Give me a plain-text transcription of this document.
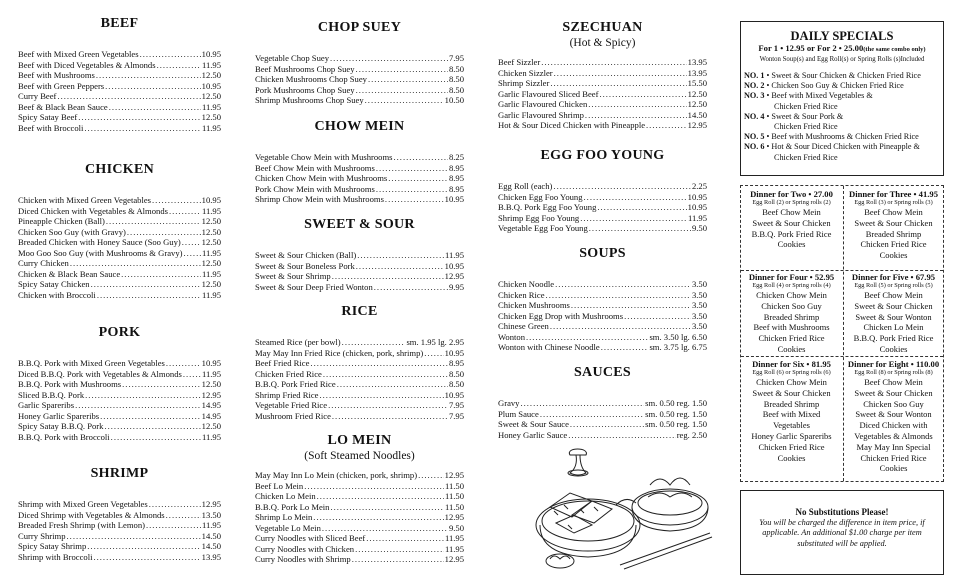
BEEF
Beef with Mixed Green Vegetables .....	10.95
Beef with Diced Vegetables & Almonds .....	11.95
Beef with Mushrooms .....	12.50
Beef with Green Peppers .....	10.95
Curry Beef .....	12.50
Beef & Black Bean Sauce .....	11.95
Spicy Satay Beef .....	12.50
Beef with Broccoli .....	11.95
CHICKEN
Chicken with Mixed Green Vegetables .....	10.95
Diced Chicken with Vegetables & Almonds .....	11.95
Pineapple Chicken (Ball) .....	12.50
Chicken Soo Guy (with Gravy) .....	12.50
Breaded Chicken with Honey Sauce (Soo Guy) ..... 12.50
Moo Goo Soo Guy (with Mushrooms & Gravy) ..... 11.95
Curry Chicken .....	12.50
Chicken & Black Bean Sauce .....	11.95
Spicy Satay Chicken .....	12.50
Chicken with Broccoli .....	11.95
PORK
B.B.Q. Pork with Mixed Green Vegetables .....	10.95
Diced B.B.Q. Pork with Vegetables & Almonds ..... 11.95
B.B.Q. Pork with Mushrooms .....	12.50
Sliced B.B.Q. Pork .....	12.95
Garlic Spareribs .....	14.95
Honey Garlic Spareribs .....	14.95
Spicy Satay B.B.Q. Pork .....	12.50
B.B.Q. Pork with Broccoli .....	11.95
SHRIMP
Shrimp with Mixed Green Vegetables .....	12.95
Diced Shrimp with Vegetables & Almonds .....	13.50
Breaded Fresh Shrimp (with Lemon) .....	11.95
Curry Shrimp .....	14.50
Spicy Satay Shrimp .....	14.50
Shrimp with Broccoli .....	13.95
CHOP SUEY
Vegetable Chop Suey .....	7.95
Beef Mushrooms Chop Suey .....	8.50
Chicken Mushrooms Chop Suey .....	8.50
Pork Mushrooms Chop Suey .....	8.50
Shrimp Mushrooms Chop Suey .....	10.50
CHOW MEIN
Vegetable Chow Mein with Mushrooms .....	8.25
Beef Chow Mein with Mushrooms .....	8.95
Chicken Chow Mein with Mushrooms .....	8.95
Pork Chow Mein with Mushrooms .....	8.95
Shrimp Chow Mein with Mushrooms .....	10.95
SWEET & SOUR
Sweet & Sour Chicken (Ball) .....	11.95
Sweet & Sour Boneless Pork .....	10.95
Sweet & Sour Shrimp .....	12.95
Sweet & Sour Deep Fried Wonton .....	9.95
RICE
Steamed Rice (per bowl) .....	sm. 1.95 lg. 2.95
May May Inn Fried Rice (chicken, pork, shrimp) ..... 10.95
Beef Fried Rice .....	8.95
Chicken Fried Rice .....	8.50
B.B.Q. Pork Fried Rice .....	8.50
Shrimp Fried Rice .....	10.95
Vegetable Fried Rice .....	7.95
Mushroom Fried Rice .....	7.95
LO MEIN
(Soft Steamed Noodles)
May May Inn Lo Mein (chicken, pork, shrimp) .....	12.95
Beef Lo Mein .....	11.50
Chicken Lo Mein .....	11.50
B.B.Q. Pork Lo Mein .....	11.50
Shrimp Lo Mein .....	12.95
Vegetable Lo Mein .....	9.50
Curry Noodles with Sliced Beef .....	11.95
Curry Noodles with Chicken .....	11.95
Curry Noodles with Shrimp .....	12.95
SZECHUAN
(Hot & Spicy)
Beef Sizzler .....	13.95
Chicken Sizzler .....	13.95
Shrimp Sizzler .....	15.50
Garlic Flavoured Sliced Beef .....	12.50
Garlic Flavoured Chicken .....	12.50
Garlic Flavoured Shrimp .....	14.50
Hot & Sour Diced Chicken with Pineapple .....	12.95
EGG FOO YOUNG
Egg Roll (each) .....	2.25
Chicken Egg Foo Young .....	10.95
B.B.Q. Pork Egg Foo Young .....	10.95
Shrimp Egg Foo Young .....	11.95
Vegetable Egg Foo Young .....	9.50
SOUPS
Chicken Noodle .....	3.50
Chicken Rice .....	3.50
Chicken Mushrooms .....	3.50
Chicken Egg Drop with Mushrooms .....	3.50
Chinese Green .....	3.50
Wonton .....	sm. 3.50 lg. 6.50
Wonton with Chinese Noodle .....	sm. 3.75 lg. 6.75
SAUCES
Gravy .....	sm. 0.50 reg. 1.50
Plum Sauce .....	sm. 0.50 reg. 1.50
Sweet & Sour Sauce .....	sm. 0.50 reg. 1.50
Honey Garlic Sauce .....	reg. 2.50
DAILY SPECIALS
For 1 • 12.95 or For 2 • 25.00(the same combo only)
Wonton Soup(s) and Egg Roll(s) or Spring Rolls (s)Included
NO. 1 • Sweet & Sour Chicken & Chicken Fried Rice
NO. 2 • Chicken Soo Guy & Chicken Fried Rice
NO. 3 • Beef with Mixed Vegetables &
Chicken Fried Rice
NO. 4 • Sweet & Sour Pork &
Chicken Fried Rice
NO. 5 • Beef with Mushrooms & Chicken Fried Rice
NO. 6 • Hot & Sour Diced Chicken with Pineapple &
Chicken Fried Rice
Dinner for Two • 27.00
Egg Roll (2) or Spring rolls (2)
Beef Chow Mein
Sweet & Sour Chicken
B.B.Q. Pork Fried Rice
Cookies
Dinner for Three • 41.95
Egg Roll (3) or Spring rolls (3)
Beef Chow Mein
Sweet & Sour Chicken
Breaded Shrimp
Chicken Fried Rice
Cookies
Dinner for Four • 52.95
Egg Roll (4) or Spring rolls (4)
Chicken Chow Mein
Chicken Soo Guy
Breaded Shrimp
Beef with Mushrooms
Chicken Fried Rice
Cookies
Dinner for Five • 67.95
Egg Roll (5) or Spring rolls (5)
Beef Chow Mein
Sweet & Sour Chicken
Sweet & Sour Wonton
Chicken Lo Mein
B.B.Q. Pork Fried Rice
Cookies
Dinner for Six • 81.95
Egg Roll (6) or Spring rolls (6)
Chicken Chow Mein
Sweet & Sour Chicken
Breaded Shrimp
Beef with Mixed
Vegetables
Honey Garlic Spareribs
Chicken Fried Rice
Cookies
Dinner for Eight • 110.00
Egg Roll (8) or Spring rolls (8)
Beef Chow Mein
Sweet & Sour Chicken
Chicken Soo Guy
Sweet & Sour Wonton
Diced Chicken with
Vegetables & Almonds
May May Inn Special
Chicken Fried Rice
Cookies
No Substitutions Please!
You will be charged the difference in item price, if applicable. An additional $1.00 charge per item substituted will be applied.
